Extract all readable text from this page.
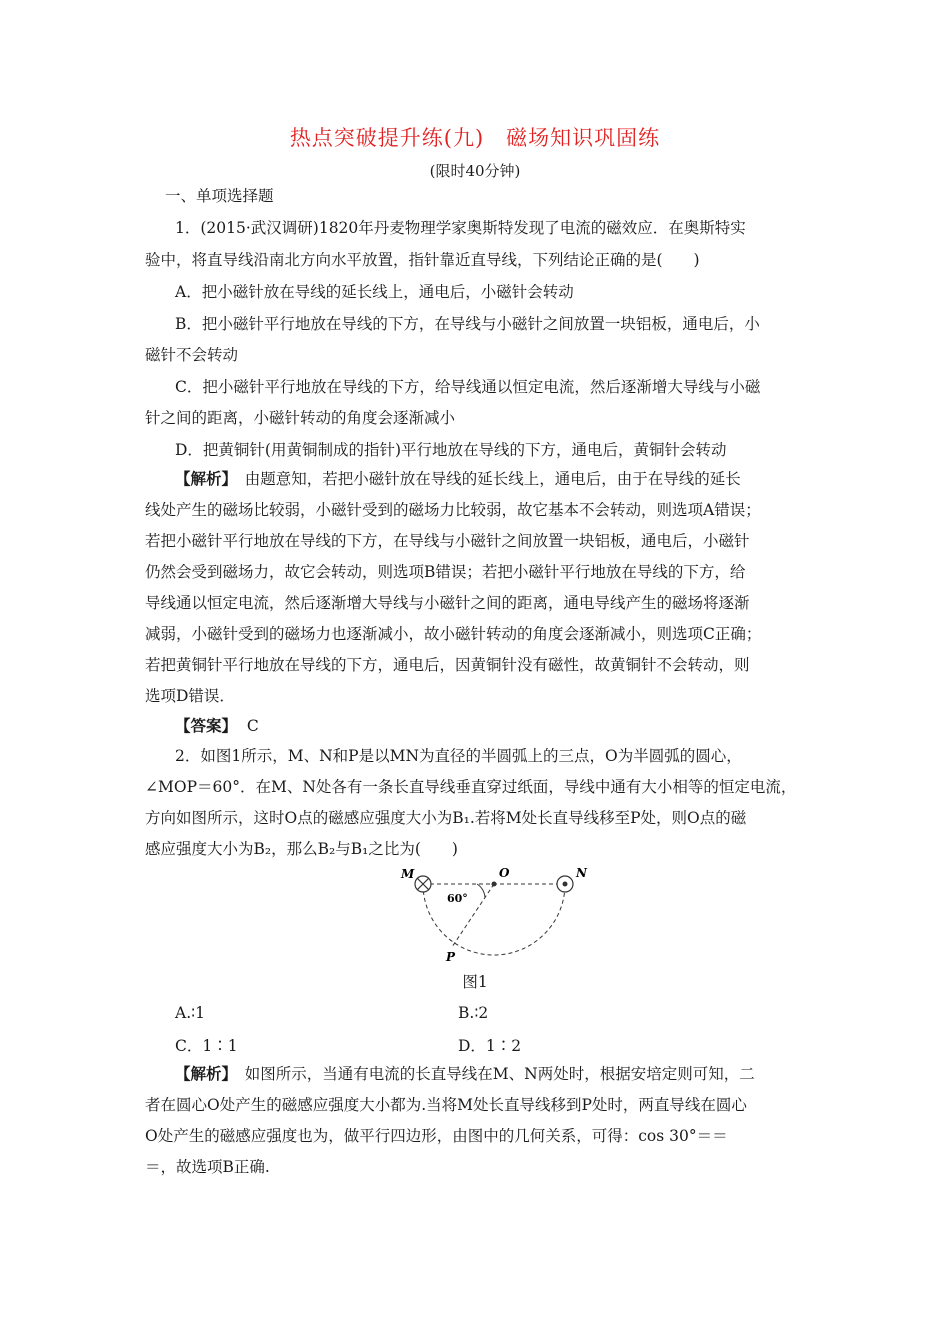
热点突破提升练(九)　磁场知识巩固练
(限时40分钟)
一、单项选择题
1．(2015·武汉调研)1820年丹麦物理学家奥斯特发现了电流的磁效应．在奥斯特实
验中，将直导线沿南北方向水平放置，指针靠近直导线，下列结论正确的是(　　)
A．把小磁针放在导线的延长线上，通电后，小磁针会转动
B．把小磁针平行地放在导线的下方，在导线与小磁针之间放置一块铝板，通电后，小
磁针不会转动
C．把小磁针平行地放在导线的下方，给导线通以恒定电流，然后逐渐增大导线与小磁
针之间的距离，小磁针转动的角度会逐渐减小
D．把黄铜针(用黄铜制成的指针)平行地放在导线的下方，通电后，黄铜针会转动
【解析】　由题意知，若把小磁针放在导线的延长线上，通电后，由于在导线的延长
线处产生的磁场比较弱，小磁针受到的磁场力比较弱，故它基本不会转动，则选项A错误；
若把小磁针平行地放在导线的下方，在导线与小磁针之间放置一块铝板，通电后，小磁针
仍然会受到磁场力，故它会转动，则选项B错误；若把小磁针平行地放在导线的下方，给
导线通以恒定电流，然后逐渐增大导线与小磁针之间的距离，通电导线产生的磁场将逐渐
减弱，小磁针受到的磁场力也逐渐减小，故小磁针转动的角度会逐渐减小，则选项C正确；
若把黄铜针平行地放在导线的下方，通电后，因黄铜针没有磁性，故黄铜针不会转动，则
选项D错误．
【答案】 C
2．如图1所示，M、N和P是以MN为直径的半圆弧上的三点，O为半圆弧的圆心，
∠MOP＝60°．在M、N处各有一条长直导线垂直穿过纸面，导线中通有大小相等的恒定电流，
方向如图所示，这时O点的磁感应强度大小为B₁.若将M处长直导线移至P处，则O点的磁
感应强度大小为B₂，那么B₂与B₁之比为(　　)
M	O	N
P
60°
图1
A.∶1	B.∶2
C．1∶1	D．1∶2
【解析】　如图所示，当通有电流的长直导线在M、N两处时，根据安培定则可知，二
者在圆心O处产生的磁感应强度大小都为.当将M处长直导线移到P处时，两直导线在圆心
O处产生的磁感应强度也为，做平行四边形，由图中的几何关系，可得：cos 30°＝＝
＝，故选项B正确.
